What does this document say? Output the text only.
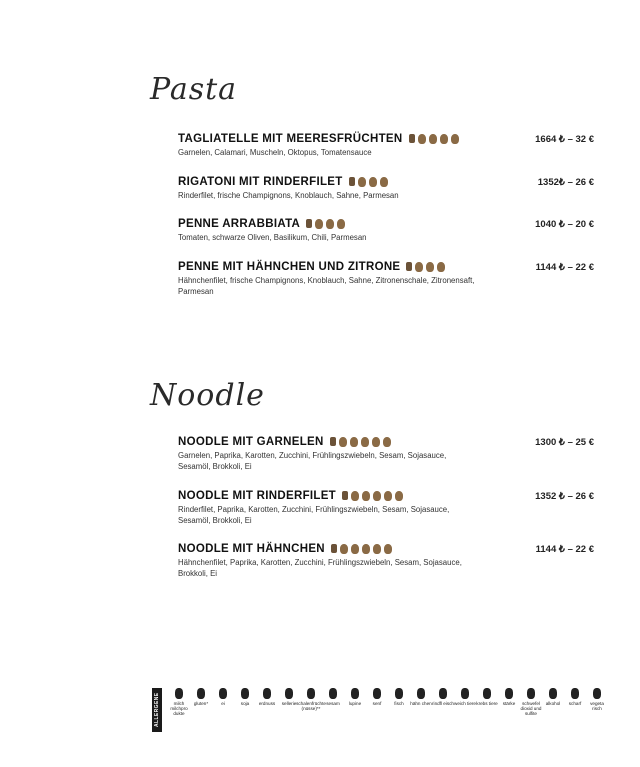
Pasta
TAGLIATELLE MIT MEERESFRÜCHTEN	1664 ₺ – 32 €
Garnelen, Calamari, Muscheln, Oktopus, Tomatensauce
RIGATONI MIT RINDERFILET	1352₺ – 26 €
Rinderfilet, frische Champignons, Knoblauch, Sahne, Parmesan
PENNE ARRABBIATA	1040 ₺ – 20 €
Tomaten, schwarze Oliven, Basilikum, Chili, Parmesan
PENNE MIT HÄHNCHEN UND ZITRONE	1144 ₺ – 22 €
Hähnchenfilet, frische Champignons, Knoblauch, Sahne, Zitronenschale, Zitronensaft, Parmesan
Noodle
NOODLE MIT GARNELEN	1300 ₺ – 25 €
Garnelen, Paprika, Karotten, Zucchini, Frühlingszwiebeln, Sesam, Sojasauce, Sesamöl, Brokkoli, Ei
NOODLE MIT RINDERFILET	1352 ₺ – 26 €
Rinderfilet, Paprika, Karotten, Zucchini, Frühlingszwiebeln, Sesam, Sojasauce, Sesamöl, Brokkoli, Ei
NOODLE MIT HÄHNCHEN	1144 ₺ – 22 €
Hähnchenfilet, Paprika, Karotten, Zucchini, Frühlingszwiebeln, Sesam, Sojasauce, Brokkoli, Ei
ALLERGENE	milch milchpro dukte
gluten*	ei	soja erdnuss sellerie schalenfrüchte (nüsse)**
sesam lupine	senf	fisch hähn chen rindfl eisch weich tiere krebs tiere stärke	schwefel dioxid und sulfite
alkohol scharf	vegeta risch
